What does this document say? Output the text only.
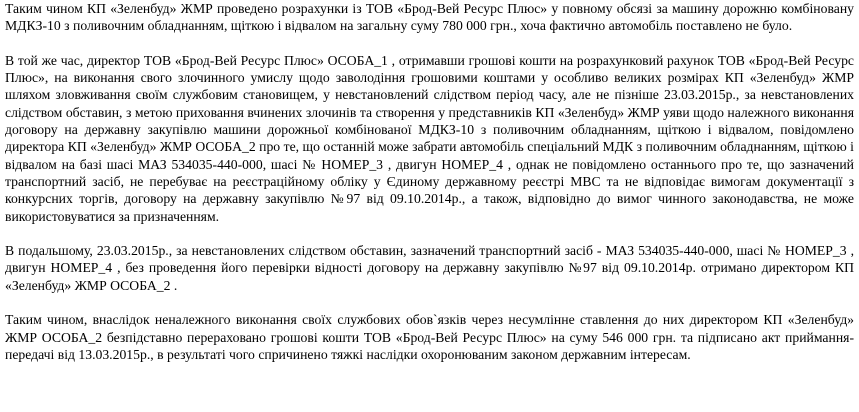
Таким чином КП «Зеленбуд» ЖМР проведено розрахунки із ТОВ «Брод-Вей Ресурс Плюс» у повному обсязі за машину дорожню комбіновану МДКЗ-10 з поливочним обладнанням, щіткою і відвалом на загальну суму 780 000 грн., хоча фактично автомобіль поставлено не було.

В той же час, директор ТОВ «Брод-Вей Ресурс Плюс» ОСОБА_1 , отримавши грошові кошти на розрахунковий рахунок ТОВ «Брод-Вей Ресурс Плюс», на виконання свого злочинного умислу щодо заволодіння грошовими коштами у особливо великих розмірах КП «Зеленбуд» ЖМР шляхом зловживання своїм службовим становищем, у невстановлений слідством період часу, але не пізніше 23.03.2015р., за невстановлених слідством обставин, з метою приховання вчинених злочинів та створення у представників КП «Зеленбуд» ЖМР уяви щодо належного виконання договору на державну закупівлю машини дорожньої комбінованої МДКЗ-10 з поливочним обладнанням, щіткою і відвалом, повідомлено директора КП «Зеленбуд» ЖМР ОСОБА_2 про те, що останній може забрати автомобіль спеціальний МДК з поливочним обладнанням, щіткою і відвалом на базі шасі МАЗ 534035-440-000, шасі № НОМЕР_3 , двигун НОМЕР_4 , однак не повідомлено останнього про те, що зазначений транспортний засіб, не перебуває на реєстраційному обліку у Єдиному державному реєстрі МВС та не відповідає вимогам документації з конкурсних торгів, договору на державну закупівлю №97 від 09.10.2014р., а також, відповідно до вимог чинного законодавства, не може використовуватися за призначенням.

В подальшому, 23.03.2015р., за невстановлених слідством обставин, зазначений транспортний засіб - МАЗ 534035-440-000, шасі № НОМЕР_3 , двигун НОМЕР_4 , без проведення його перевірки відності договору на державну закупівлю №97 від 09.10.2014р. отримано директором КП «Зеленбуд» ЖМР ОСОБА_2 .

Таким чином, внаслідок неналежного виконання своїх службових обов`язків через несумлінне ставлення до них директором КП «Зеленбуд» ЖМР ОСОБА_2 безпідставно перераховано грошові кошти ТОВ «Брод-Вей Ресурс Плюс» на суму 546 000 грн. та підписано акт приймання-передачі від 13.03.2015р., в результаті чого спричинено тяжкі наслідки охоронюваним законом державним інтересам.
